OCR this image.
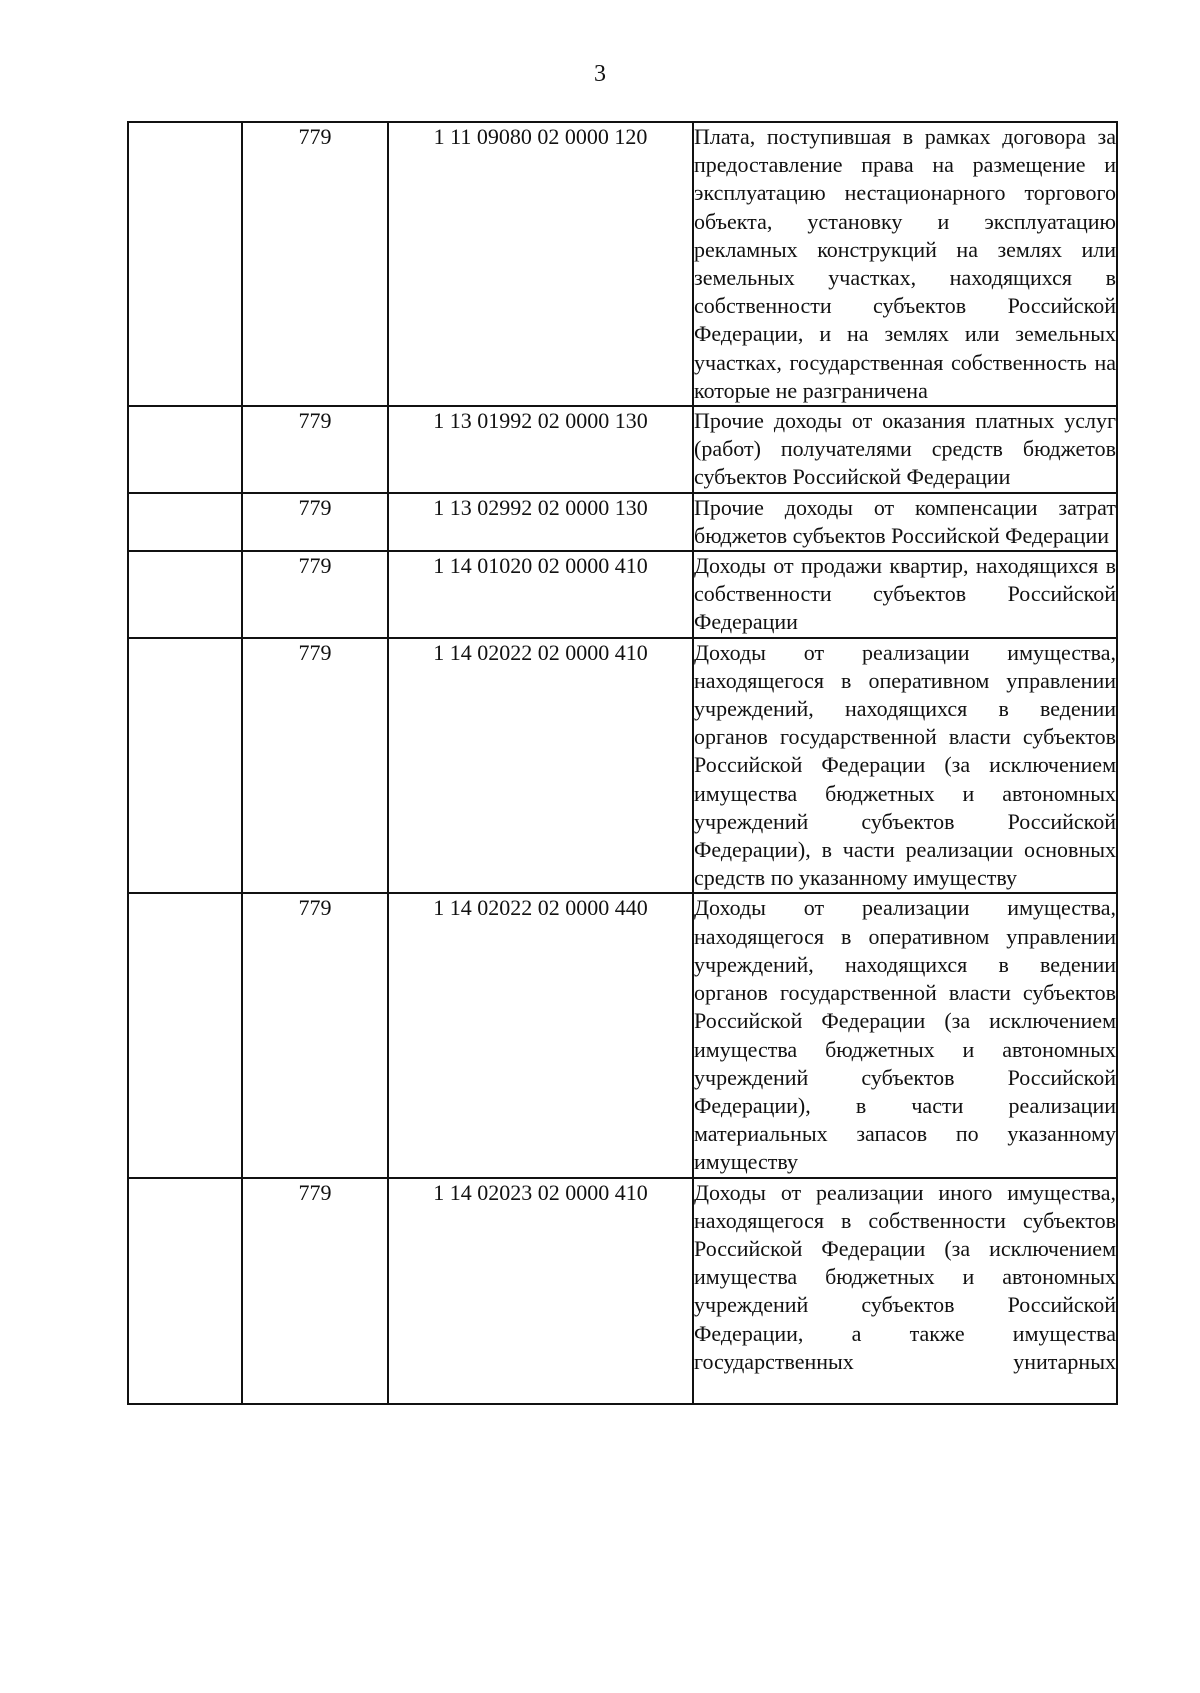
3
	779	1 11 09080 02 0000 120	Плата, поступившая в рамках договора за предоставление права на размещение и эксплуатацию нестационарного торгового объекта, установку и эксплуатацию рекламных конструкций на землях или земельных участках, находящихся в собственности субъектов Российской Федерации, и на землях или земельных участках, государственная собственность на которые не разграничена
	779	1 13 01992 02 0000 130	Прочие доходы от оказания платных услуг (работ) получателями средств бюджетов субъектов Российской Федерации
	779	1 13 02992 02 0000 130	Прочие доходы от компенсации затрат бюджетов субъектов Российской Федерации
	779	1 14 01020 02 0000 410	Доходы от продажи квартир, находящихся в собственности субъектов Российской Федерации
	779	1 14 02022 02 0000 410	Доходы от реализации имущества, находящегося в оперативном управлении учреждений, находящихся в ведении органов государственной власти субъектов Российской Федерации (за исключением имущества бюджетных и автономных учреждений субъектов Российской Федерации), в части реализации основных средств по указанному имуществу
	779	1 14 02022 02 0000 440	Доходы от реализации имущества, находящегося в оперативном управлении учреждений, находящихся в ведении органов государственной власти субъектов Российской Федерации (за исключением имущества бюджетных и автономных учреждений субъектов Российской Федерации), в части реализации материальных запасов по указанному имуществу
	779	1 14 02023 02 0000 410	Доходы от реализации иного имущества, находящегося в собственности субъектов Российской Федерации (за исключением имущества бюджетных и автономных учреждений субъектов Российской Федерации, а также имущества государственных унитарных
